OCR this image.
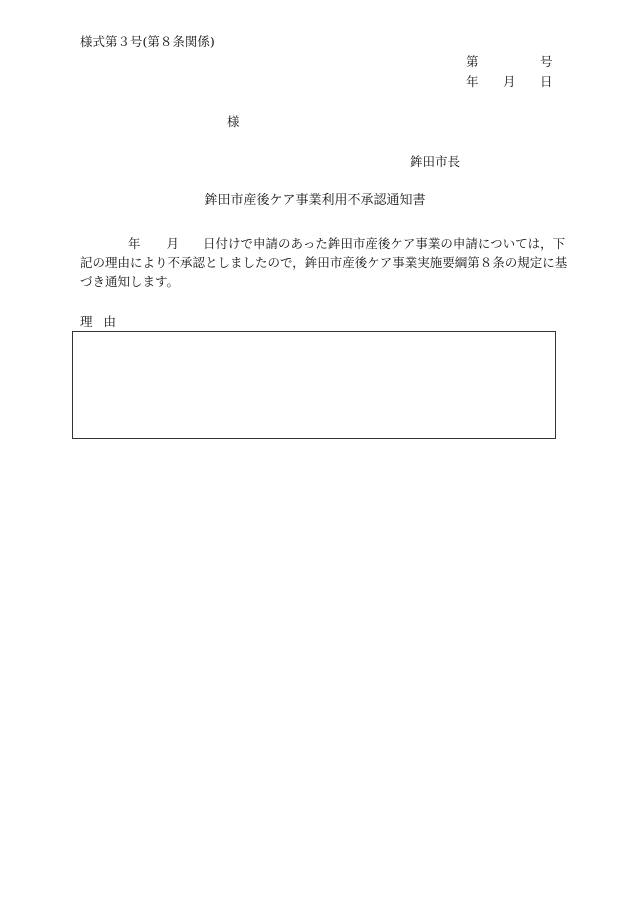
様式第３号(第８条関係)
第	号
年 月 日
様
鉾田市長
鉾田市産後ケア事業利用不承認通知書
年 月 日付けで申請のあった鉾田市産後ケア事業の申請については，下
記の理由により不承認としましたので，鉾田市産後ケア事業実施要綱第８条の規定に基
づき通知します。
理 由
